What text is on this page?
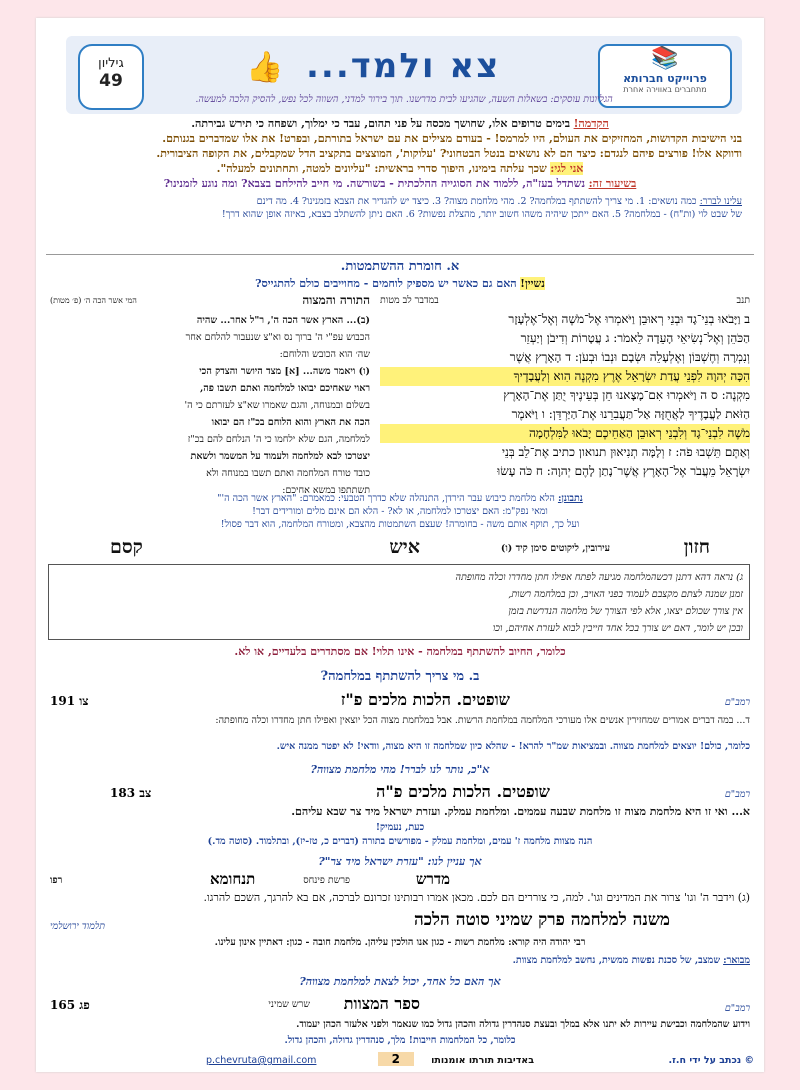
גיליון
49	👍 צא ולמד...	📚
פרוייקט חברותא
מתחברים באווירה אחרת
הגליונות עוסקים: בשאלות השעה, שהגיעו לבית מדרשנו. תוך בירור למדני, השווה לכל נפש, להסיק הלכה למעשה.
הקדמה! בימים טרופים אלו, שחושך מכסה על פני תהום, עבד כי ימלוך, ושפחה כי תירש גבירתה.
בני הישיבות הקדושות, המחזיקים את העולם, היו למרמס! - בעודם מצילים את עם ישראל בתורתם, ובפרט! את אלו שמדברים בגנותם.
ודווקא אלו! פורצים פיהם לנגדם: כיצד הם לא נושאים בנטל הבטחוני? 'עלוקות', המוצצים בתקציב הדל שמקבלים, את הקופה הציבורית.
אני לגי: שכך עלתה בימינו, היפוך סדרי בראשית: "עליונים למטה, ותחתונים למעלה".
בשיעור זה: נשתדל בעז"ה, ללמוד את הסוגייה ההלכתית - בשורשה. מי חייב להילחם בצבא? ומה נוגע לזמנינו?
עלינו לברר: כמה נושאים: 1. מי צריך להשתתף במלחמה? 2. מהי מלחמת מצוה? 3. כיצד יש להגדיר את הצבא בזמנינו? 4. מה דינם
של שבט לוי (ות"ח) - במלחמה? 5. האם ייתכן שיהיה משהו חשוב יותר, מהצלת נפשות? 6. האם ניתן להשתלב בצבא, באיזה אופן שהוא דרך!
א. חומרת ההשתמטות.
נשיין! האם גם כאשר יש מספיק לוחמים - מחוייבים כולם להתגייס?
תנב
במדבר לב מטות
ב וַיָּבֹאוּ בְנֵי־גָד וּבְנֵי רְאוּבֵן וַיֹּאמְרוּ אֶל־מֹשֶׁה וְאֶל־אֶלְעָזָר
הַכֹּהֵן וְאֶל־נְשִׂיאֵי הָעֵדָה לֵאמֹר: ג עֲטָרוֹת וְדִיבֹן וְיַעְזֵר
וְנִמְרָה וְחֶשְׁבּוֹן וְאֶלְעָלֵה וּשְׂבָם וּנְבוֹ וּבְעֹן: ד הָאָרֶץ אֲשֶׁר
הִכָּה יְהוָה לִפְנֵי עֲדַת יִשְׂרָאֵל אֶרֶץ מִקְנֶה הִוא וְלַעֲבָדֶיךָ
מִקְנֶה: ס ה וַיֹּאמְרוּ אִם־מָצָאנוּ חֵן בְּעֵינֶיךָ יֻתַּן אֶת־הָאָרֶץ
הַזֹּאת לַעֲבָדֶיךָ לַאֲחֻזָּה אַל־תַּעֲבִרֵנוּ אֶת־הַיַּרְדֵּן: ו וַיֹּאמֶר
מֹשֶׁה לִבְנֵי־גָד וְלִבְנֵי רְאוּבֵן הַאַחֵיכֶם יָבֹאוּ לַמִּלְחָמָה
וְאַתֶּם תֵּשְׁבוּ פֹה: ז וְלָמָּה תְנִיאוּן תנואון כתיב אֶת־לֵב בְּנֵי
יִשְׂרָאֵל מֵעֲבֹר אֶל־הָאָרֶץ אֲשֶׁר־נָתַן לָהֶם יְהוָה: ח כֹּה עָשׂוּ
התורה והמצוה
המי אשר הכה ה׳ (פ׳ מטות)
(ב)... הארץ אשר הכה ה', ר"ל אחר... שהיה
הכבוש עפ"י ה' ברוך נס וא"צ שנעבור להלחם אחר
שה׳ הוא הכובש והלוחם:
(ו) ויאמר משה... [א] מצד היושר והצדק הכי
ראוי שאחיכם יבואו למלחמה ואתם תשבו פה,
בשלום ובמנוחה, והגם שאמרו שא"צ לעזרתם כי ה'
הכה את הארץ והוא הלוחם בכ"ז הם יבואו
למלחמה, הגם שלא ילחמו כי ה' הנלחם להם בכ"ז
יצטרכו לבא למלחמה ולעמוד על המשמר ולשאת
כובד טורח המלחמה ואתם תשבו במנוחה ולא
תשתתפו במשא אחיכם:
נתבונן: הלא מלחמת כיבוש עבר הירדן, התנהלה שלא כדרך הטבעי: כמאמרם: "הארץ אשר הכה ה'"
ומאי נפק"מ: האם יצטרכו למלחמה, או לא? - הלא הם אינם מלים ומורידים דבר!
ועל כך, תוקף אותם משה - בחומרה! שעצם השתמטות מהצבא, ומטורח המלחמה, הוא דבר פסול!
חזון
עירובין, ליקוטים סימן קיד (ו)
איש
קסם
ג) נראה דהא דתנן דכשהמלחמה מגיעה לפתח אפילו חתן מחדרו וכלה מחופתה
זמנן שמנה לצתם מקצבם לעמוד בפני האויב, וכן במלחמה רשות,
אין צורך שכולם יצאו, אלא לפי הצורך של מלחמה הנדרשת בזמן
ובכן יש לומר, דאם יש צורך בכל אחד חייבין לבוא לעזרת אחיהם, וכו
כלומר, החיוב להשתתף במלחמה - אינו תלוי! אם מסתדרים בלעדיים, או לא.
ב. מי צריך להשתתף במלחמה?
רמב"ם
שופטים. הלכות מלכים פ"ז
צו 191
ד... במה דברים אמורים שמחזירין אנשים אלו מעורכי המלחמה במלחמת הרשות. אבל במלחמת מצוה הכל יוצאין ואפילו חתן מחדרו וכלה מחופתה:
כלומר, כולם! יוצאים למלחמת מצווה. ובמציאות שמ"ר להרא! - שהלא כיון שמלחמה זו היא מצוה, וודאי! לא יפטר ממנה איש.
א"כ, נותר לנו לברר! מהי מלחמת מצווה?
רמב"ם
שופטים. הלכות מלכים פ"ה
צב 183
א... ואי זו היא מלחמת מצוה זו מלחמת שבעה עממים. ומלחמת עמלק. ועזרת ישראל מיד צר שבא עליהם.
כעת, נעמיק!
הנה מצוות מלחמה ז' עמים, ומלחמת עמלק - מפורשים בתורה (דברים כ, טז-יז), ובתלמוד. (סוטה מד.)
אך עניין לנו: "עזרת ישראל מיד צר"?
מדרש
פרשת פינחס
תנחומא
רפו
(ג) וידבר ה' וגו' צרור את המדינים וגו'. למה, כי צוררים הם לכם. מכאן אמרו רבותינו זכרונם לברכה, אם בא להרגך, השכם להרגו.
תלמוד ירושלמי	משנה למלחמה פרק שמיני סוטה הלכה
רבי יהודה היה קורא: מלחמת רשות - כגון אנו הולכין עליהן. מלחמת חובה - כגון: דאתיין אינון עלינו.
מבואר: שמצב, של סכנת נפשות ממשית, נחשב למלחמת מצוות.
אך האם כל אחד, יכול לצאת למלחמת מצווה?
רמב"ם
ספר המצוות
שרש שמיני
פג 165
וידוע שהמלחמה וכבישת עיירות לא יתנו אלא במלך ובעצת סנהדרין גדולה והכהן גדול כמו שנאמר ולפני אלעזר הכהן יעמוד.
כלומר, כל המלחמות חייבות! מלך, סנהדרין גדולה, והכהן גדול.
© נכתב על ידי ח.ז.
באדיבות תורתו אומנותו
2
p.chevruta@gmail.com
